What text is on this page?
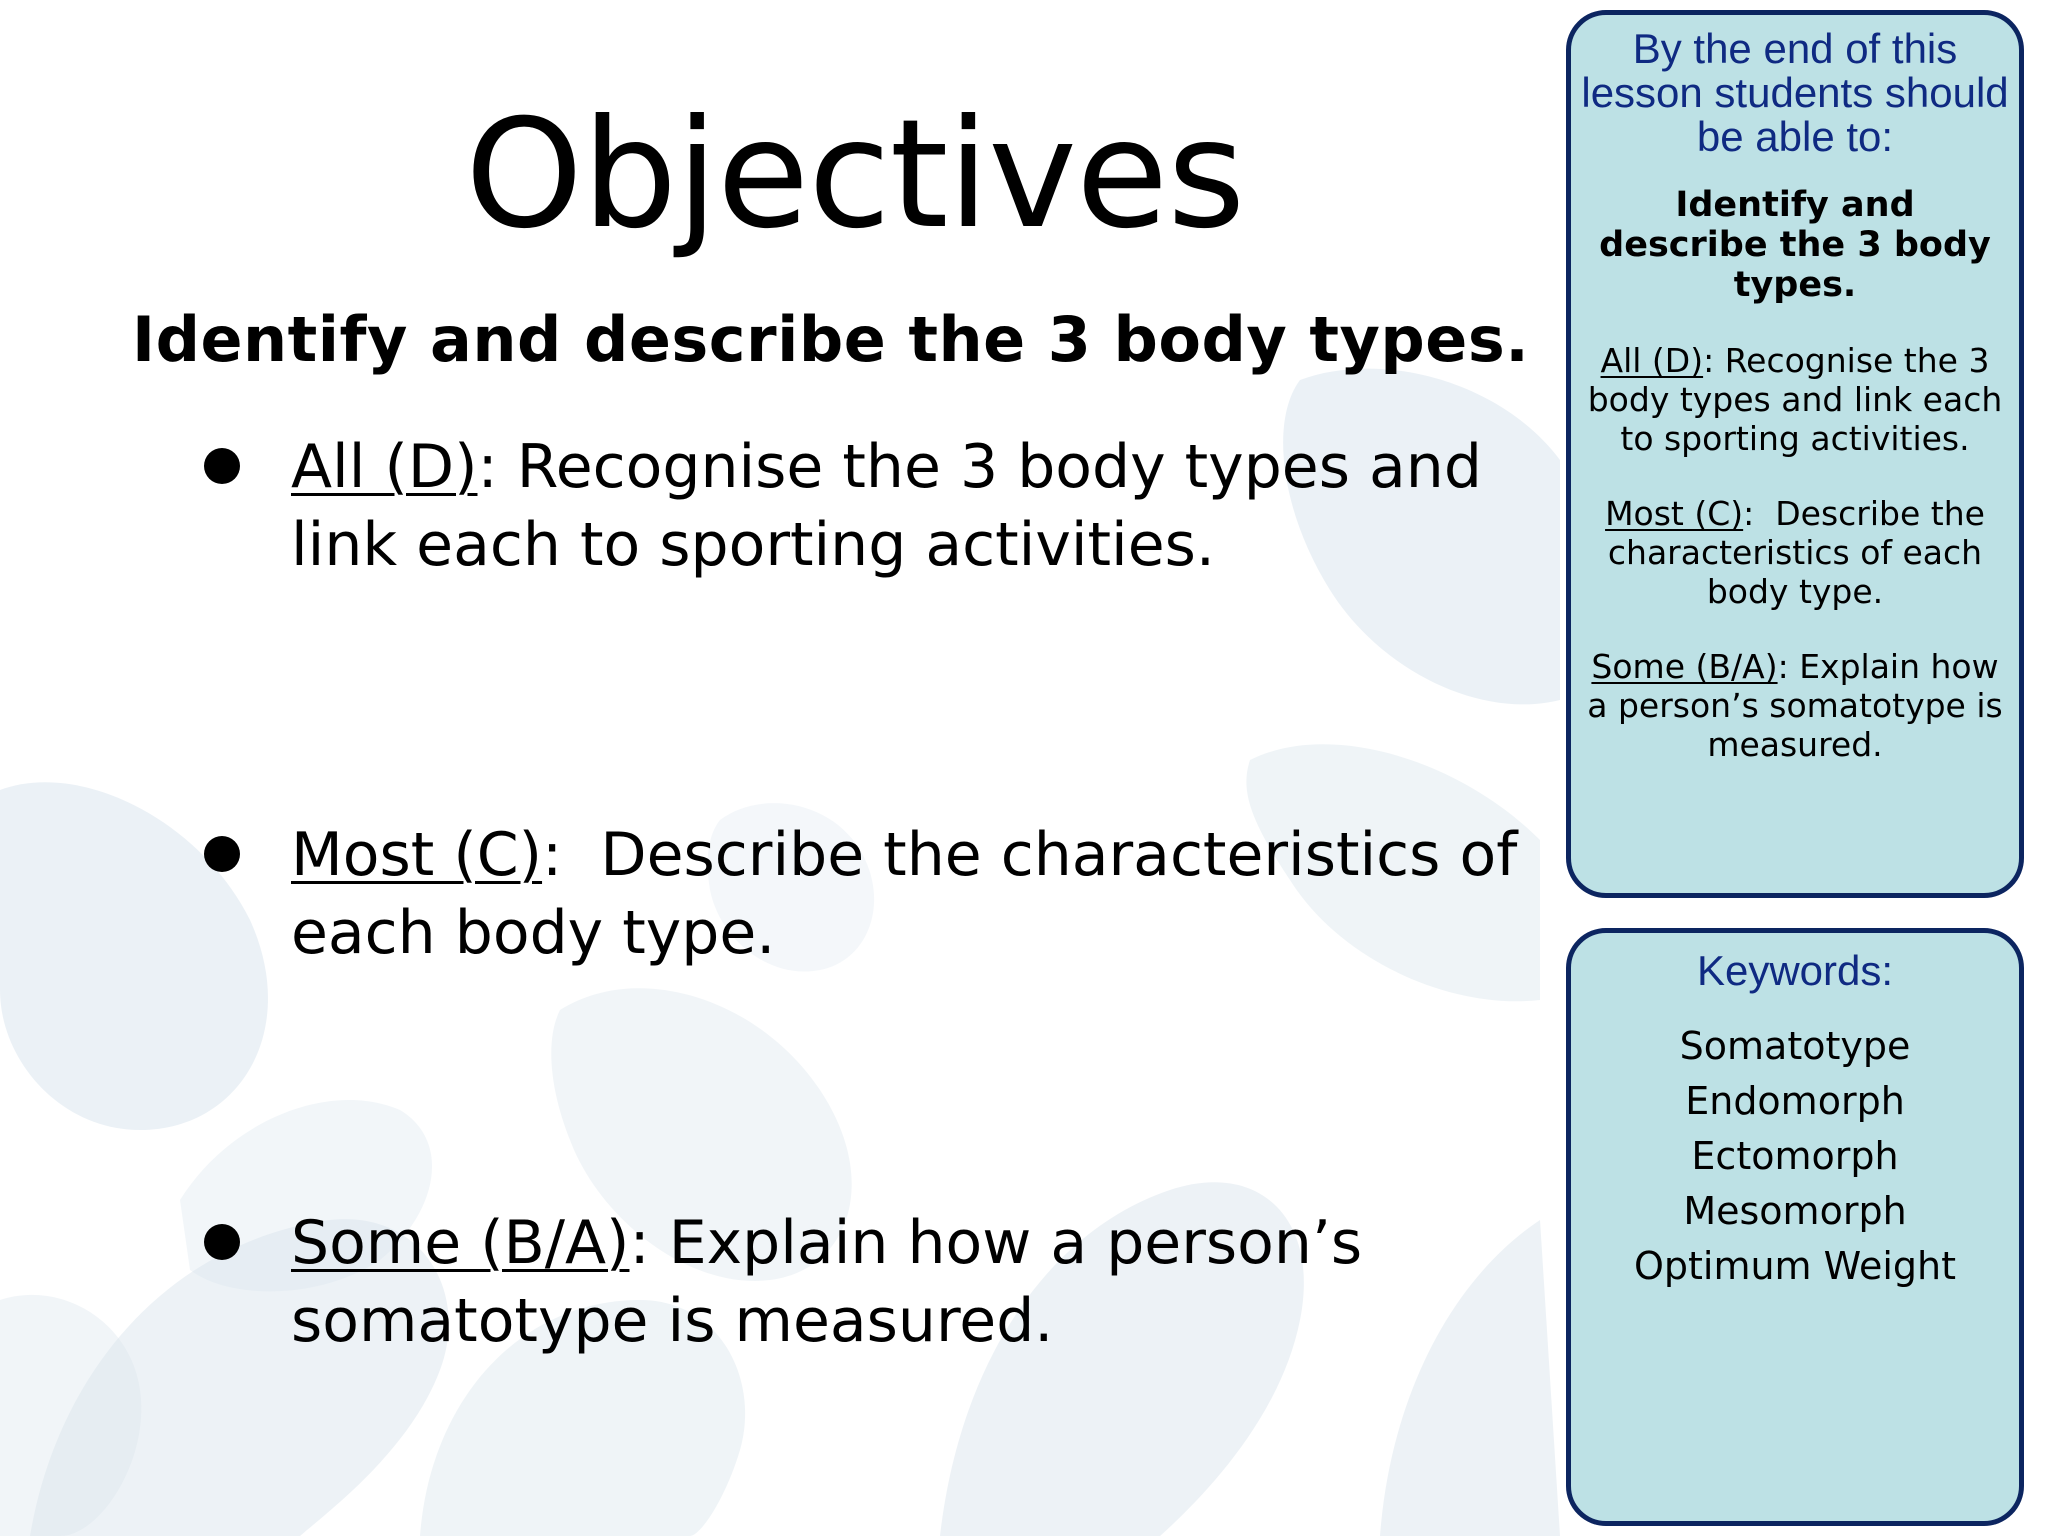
Objectives
Identify and describe the 3 body types.
All (D): Recognise the 3 body types and link each to sporting activities.
Most (C):  Describe the characteristics of each body type.
Some (B/A): Explain how a person’s somatotype is measured.
By the end of this lesson students should be able to:
Identify and describe the 3 body types.
All (D): Recognise the 3 body types and link each to sporting activities.
Most (C):  Describe the characteristics of each body type.
Some (B/A): Explain how a person’s somatotype is measured.
Keywords:
Somatotype
Endomorph
Ectomorph
Mesomorph
Optimum Weight
